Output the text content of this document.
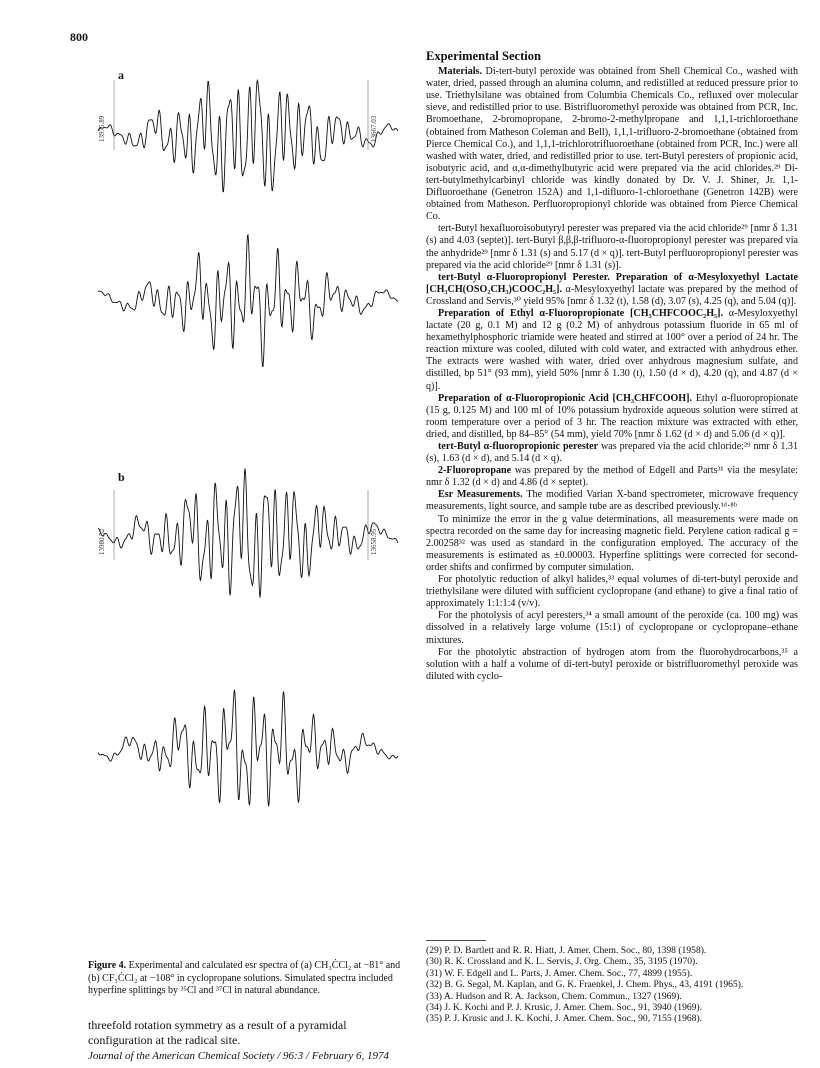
800
a
b
13975.89	13667.03
13980.52	13658.95
Figure 4. Experimental and calculated esr spectra of (a) CH₃ĊCl₂ at −81° and (b) CF₃ĊCl₂ at −108° in cyclopropane solutions. Simulated spectra included hyperfine splittings by ³⁵Cl and ³⁷Cl in natural abundance.
threefold rotation symmetry as a result of a pyramidal configuration at the radical site.
Experimental Section

Materials. Di-tert-butyl peroxide was obtained from Shell Chemical Co., washed with water, dried, passed through an alumina column, and redistilled at reduced pressure prior to use. Triethylsilane was obtained from Columbia Chemicals Co., refluxed over molecular sieve, and redistilled prior to use. Bistrifluoromethyl peroxide was obtained from PCR, Inc. Bromoethane, 2-bromopropane, 2-bromo-2-methylpropane and 1,1,1-trichloroethane (obtained from Matheson Coleman and Bell), 1,1,1-trifluoro-2-bromoethane (obtained from Pierce Chemical Co.), and 1,1,1-trichlorotrifluoroethane (obtained from PCR, Inc.) were all washed with water, dried, and redistilled prior to use. tert-Butyl peresters of propionic acid, isobutyric acid, and α,α-dimethylbutyric acid were prepared via the acid chlorides.²⁹ Di-tert-butylmethylcarbinyl chloride was kindly donated by Dr. V. J. Shiner, Jr. 1,1-Difluoroethane (Genetron 152A) and 1,1-difluoro-1-chloroethane (Genetron 142B) were obtained from Matheson. Perfluoropropionyl chloride was obtained from Pierce Chemical Co.

tert-Butyl hexafluoroisobutyryl perester was prepared via the acid chloride²⁹ [nmr δ 1.31 (s) and 4.03 (septet)]. tert-Butyl β,β,β-trifluoro-α-fluoropropionyl perester was prepared via the anhydride²⁹ [nmr δ 1.31 (s) and 5.17 (d × q)]. tert-Butyl perfluoropropionyl perester was prepared via the acid chloride²⁹ [nmr δ 1.31 (s)].

tert-Butyl α-Fluoropropionyl Perester. Preparation of α-Mesyloxyethyl Lactate [CH₃CH(OSO₂CH₃)COOC₂H₅]. α-Mesyloxyethyl lactate was prepared by the method of Crossland and Servis,³⁰ yield 95% [nmr δ 1.32 (t), 1.58 (d), 3.07 (s), 4.25 (q), and 5.04 (q)].

Preparation of Ethyl α-Fluoropropionate [CH₃CHFCOOC₂H₅]. α-Mesyloxyethyl lactate (20 g, 0.1 M) and 12 g (0.2 M) of anhydrous potassium fluoride in 65 ml of hexamethylphosphoric triamide were heated and stirred at 100° over a period of 24 hr. The reaction mixture was cooled, diluted with cold water, and extracted with anhydrous ether. The extracts were washed with water, dried over anhydrous magnesium sulfate, and distilled, bp 51° (93 mm), yield 50% [nmr δ 1.30 (t), 1.50 (d × d), 4.20 (q), and 4.87 (d × q)].

Preparation of α-Fluoropropionic Acid [CH₃CHFCOOH]. Ethyl α-fluoropropionate (15 g, 0.125 M) and 100 ml of 10% potassium hydroxide aqueous solution were stirred at room temperature over a period of 3 hr. The reaction mixture was extracted with ether, dried, and distilled, bp 84–85° (54 mm), yield 70% [nmr δ 1.62 (d × d) and 5.06 (d × q)].

tert-Butyl α-fluoropropionic perester was prepared via the acid chloride:²⁹ nmr δ 1.31 (s), 1.63 (d × d), and 5.14 (d × q).

2-Fluoropropane was prepared by the method of Edgell and Parts³¹ via the mesylate: nmr δ 1.32 (d × d) and 4.86 (d × septet).

Esr Measurements. The modified Varian X-band spectrometer, microwave frequency measurements, light source, and sample tube are as described previously.¹ᵈ·⁸ᵇ

To minimize the error in the g value determinations, all measurements were made on spectra recorded on the same day for increasing magnetic field. Perylene cation radical g = 2.00258³² was used as standard in the configuration employed. The accuracy of the measurements is estimated as ±0.00003. Hyperfine splittings were corrected for second-order shifts and confirmed by computer simulation.

For photolytic reduction of alkyl halides,³³ equal volumes of di-tert-butyl peroxide and triethylsilane were diluted with sufficient cyclopropane (and ethane) to give a final ratio of approximately 1:1:1:4 (v/v).

For the photolysis of acyl peresters,³⁴ a small amount of the peroxide (ca. 100 mg) was dissolved in a relatively large volume (15:1) of cyclopropane or cyclopropane–ethane mixtures.

For the photolytic abstraction of hydrogen atom from the fluorohydrocarbons,³⁵ a solution with a half a volume of di-tert-butyl peroxide or bistrifluoromethyl peroxide was diluted with cyclo-

(29) P. D. Bartlett and R. R. Hiatt, J. Amer. Chem. Soc., 80, 1398 (1958).
(30) R. K. Crossland and K. L. Servis, J. Org. Chem., 35, 3195 (1970).
(31) W. F. Edgell and L. Parts, J. Amer. Chem. Soc., 77, 4899 (1955).
(32) B. G. Segal, M. Kaplan, and G. K. Fraenkel, J. Chem. Phys., 43, 4191 (1965).
(33) A. Hudson and R. A. Jackson, Chem. Commun., 1327 (1969).
(34) J. K. Kochi and P. J. Krusic, J. Amer. Chem. Soc., 91, 3940 (1969).
(35) P. J. Krusic and J. K. Kochi, J. Amer. Chem. Soc., 90, 7155 (1968).
Journal of the American Chemical Society / 96:3 / February 6, 1974
